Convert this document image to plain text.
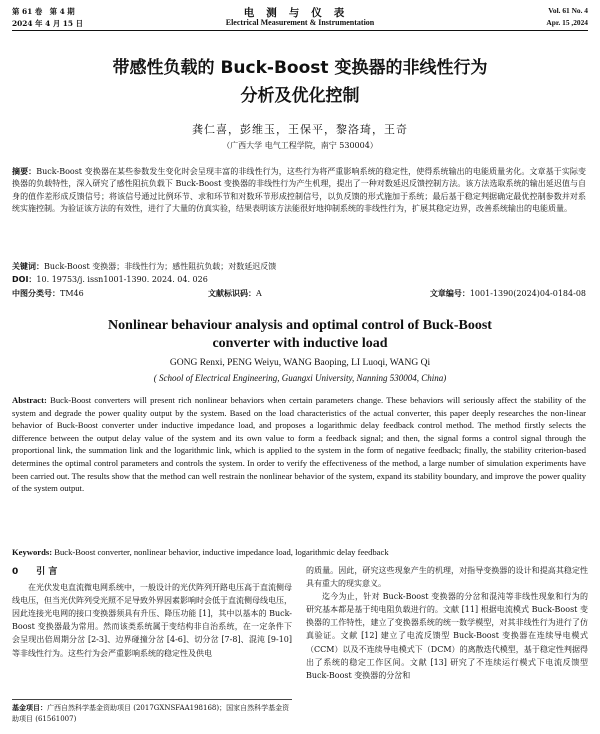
第 61 卷　第 4 期
2024 年 4 月 15 日
电测与仪表
Electrical Measurement & Instrumentation
Vol. 61 No. 4
Apr. 15 ,2024
带感性负载的 Buck-Boost 变换器的非线性行为
分析及优化控制
龚仁喜，彭维玉，王保平，黎洛琦，王奇
（广西大学 电气工程学院，南宁 530004）
摘要：Buck-Boost 变换器在某些参数发生变化时会呈现丰富的非线性行为，这些行为将严重影响系统的稳定性，使得系统输出的电能质量劣化。文章基于实际变换器的负载特性，深入研究了感性阻抗负载下 Buck-Boost 变换器的非线性行为产生机理，提出了一种对数延迟反馈控制方法。该方法选取系统的输出延迟值与自身的值作差形成反馈信号；将该信号通过比例环节、求和环节和对数环节形成控制信号，以负反馈的形式施加于系统；最后基于稳定判据确定最优控制参数并对系统实施控制。为验证该方法的有效性，进行了大量的仿真实验，结果表明该方法能很好地抑制系统的非线性行为，扩展其稳定边界，改善系统输出的电能质量。
关键词：Buck-Boost 变换器；非线性行为；感性阻抗负载；对数延迟反馈
DOI：10. 19753/j. issn1001-1390. 2024. 04. 026
中图分类号：TM46	文献标识码：A	文章编号：1001-1390(2024)04-0184-08
Nonlinear behaviour analysis and optimal control of Buck-Boost
converter with inductive load
GONG Renxi, PENG Weiyu, WANG Baoping, LI Luoqi, WANG Qi
( School of Electrical Engineering, Guangxi University, Nanning 530004, China)
Abstract: Buck-Boost converters will present rich nonlinear behaviors when certain parameters change. These behaviors will seriously affect the stability of the system and degrade the power quality output by the system. Based on the load characteristics of the actual converter, this paper deeply researches the non-linear behavior of Buck-Boost converter under inductive impedance load, and proposes a logarithmic delay feedback control method. The method firstly selects the difference between the output delay value of the system and its own value to form a feedback signal; and then, the signal forms a control signal through the proportional link, the summation link and the logarithmic link, which is applied to the system in the form of negative feedback; finally, the stability criterion-based determines the optimal control parameters and controls the system. In order to verify the effectiveness of the method, a large number of simulation experiments have been carried out. The results show that the method can well restrain the nonlinear behavior of the system, expand its stability boundary, and improve the power quality of the system output.
Keywords: Buck-Boost converter, nonlinear behavior, inductive impedance load, logarithmic delay feedback
0 引 言
在光伏发电直流微电网系统中，一般设计的光伏阵列开路电压高于直流侧母线电压，但当光伏阵列受光照不足导致外界因素影响时会低于直流侧母线电压，因此连接光电网的接口变换器须具有升压、降压功能 [1]，其中以基本的 Buck-Boost 变换器最为常用。然而该类系统属于变结构非自治系统，在一定条件下会呈现出倍周期分岔 [2-3]、边界碰撞分岔 [4-6]、切分岔 [7-8]、混沌 [9-10] 等非线性行为。这些行为会严重影响系统的稳定性及供电
的质量。因此，研究这些现象产生的机理，对指导变换器的设计和提高其稳定性具有重大的现实意义。
迄今为止，针对 Buck-Boost 变换器的分岔和混沌等非线性现象和行为的研究基本都是基于纯电阻负载进行的。文献 [11] 根据电流模式 Buck-Boost 变换器的工作特性，建立了变换器系统的统一数学模型，对其非线性行为进行了仿真验证。文献 [12] 建立了电流反馈型 Buck-Boost 变换器在连续导电模式（CCM）以及不连续导电模式下（DCM）的离散迭代模型，基于稳定性判据得出了系统的稳定工作区间。文献 [13] 研究了不连续运行模式下电流反馈型 Buck-Boost 变换器的分岔和
基金项目：广西自然科学基金资助项目 (2017GXNSFAA198168)；国家自然科学基金资助项目 (61561007)
